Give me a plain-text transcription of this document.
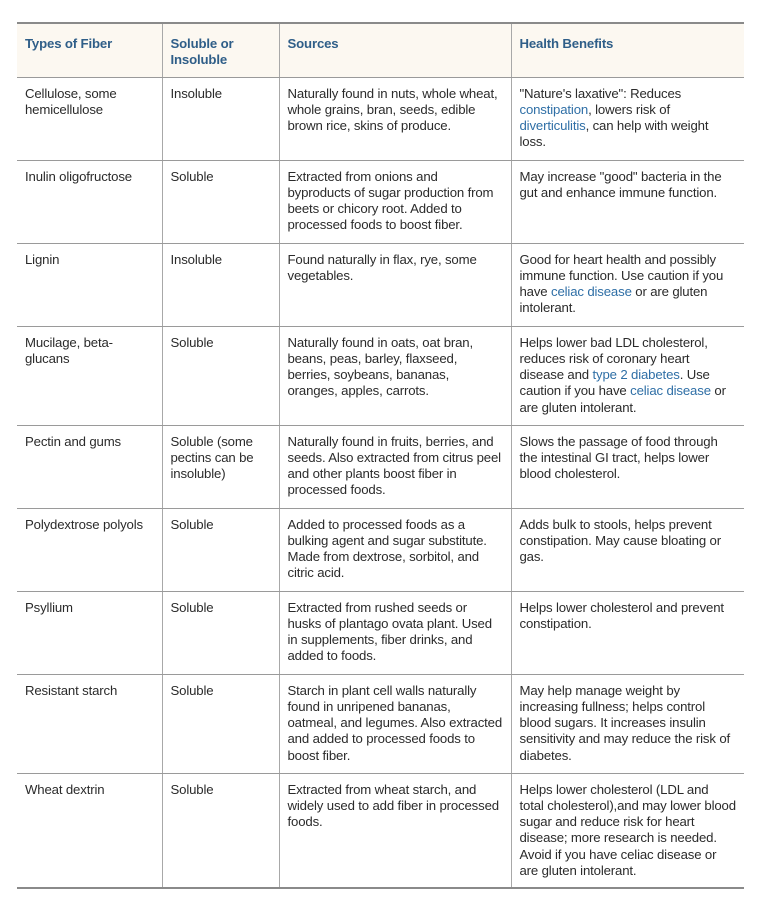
Types of Fiber	Soluble or Insoluble	Sources	Health Benefits
Cellulose, some hemicellulose	Insoluble	Naturally found in nuts, whole wheat, whole grains, bran, seeds, edible brown rice, skins of produce.	"Nature's laxative": Reduces constipation, lowers risk of diverticulitis, can help with weight loss.
Inulin oligofructose	Soluble	Extracted from onions and byproducts of sugar production from beets or chicory root. Added to processed foods to boost fiber.	May increase "good" bacteria in the gut and enhance immune function.
Lignin	Insoluble	Found naturally in flax, rye, some vegetables.	Good for heart health and possibly immune function. Use caution if you have celiac disease or are gluten intolerant.
Mucilage, beta-glucans	Soluble	Naturally found in oats, oat bran, beans, peas, barley, flaxseed, berries, soybeans, bananas, oranges, apples, carrots.	Helps lower bad LDL cholesterol, reduces risk of coronary heart disease and type 2 diabetes. Use caution if you have celiac disease or are gluten intolerant.
Pectin and gums	Soluble (some pectins can be insoluble)	Naturally found in fruits, berries, and seeds. Also extracted from citrus peel and other plants boost fiber in processed foods.	Slows the passage of food through the intestinal GI tract, helps lower blood cholesterol.
Polydextrose polyols	Soluble	Added to processed foods as a bulking agent and sugar substitute. Made from dextrose, sorbitol, and citric acid.	Adds bulk to stools, helps prevent constipation. May cause bloating or gas.
Psyllium	Soluble	Extracted from rushed seeds or husks of plantago ovata plant. Used in supplements, fiber drinks, and added to foods.	Helps lower cholesterol and prevent constipation.
Resistant starch	Soluble	Starch in plant cell walls naturally found in unripened bananas, oatmeal, and legumes. Also extracted and added to processed foods to boost fiber.	May help manage weight by increasing fullness; helps control blood sugars. It increases insulin sensitivity and may reduce the risk of diabetes.
Wheat dextrin	Soluble	Extracted from wheat starch, and widely used to add fiber in processed foods.	Helps lower cholesterol (LDL and total cholesterol),and may lower blood sugar and reduce risk for heart disease; more research is needed. Avoid if you have celiac disease or are gluten intolerant.
